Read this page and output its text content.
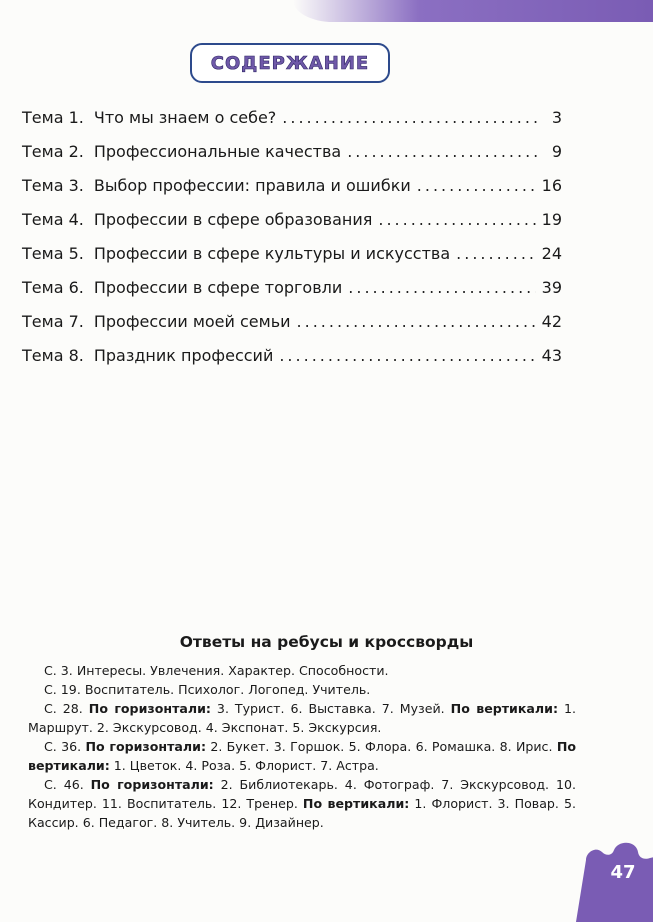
СОДЕРЖАНИЕ
Тема 1. Что мы знаем о себе? .....	3
Тема 2. Профессиональные качества .....	9
Тема 3. Выбор профессии: правила и ошибки .....	16
Тема 4. Профессии в сфере образования .....	19
Тема 5. Профессии в сфере культуры и искусства .....	24
Тема 6. Профессии в сфере торговли .....	39
Тема 7. Профессии моей семьи .....	42
Тема 8. Праздник профессий .....	43
Ответы на ребусы и кроссворды

С. 3. Интересы. Увлечения. Характер. Способности.

С. 19. Воспитатель. Психолог. Логопед. Учитель.

С. 28. По горизонтали: 3. Турист. 6. Выставка. 7. Музей. По вертикали: 1. Маршрут. 2. Экскурсовод. 4. Экспонат. 5. Экскурсия.

С. 36. По горизонтали: 2. Букет. 3. Горшок. 5. Флора. 6. Ромашка. 8. Ирис. По вертикали: 1. Цветок. 4. Роза. 5. Флорист. 7. Астра.

С. 46. По горизонтали: 2. Библиотекарь. 4. Фотограф. 7. Экскурсовод. 10. Кондитер. 11. Воспитатель. 12. Тренер. По вертикали: 1. Флорист. 3. Повар. 5. Кассир. 6. Педагог. 8. Учитель. 9. Дизайнер.

47
